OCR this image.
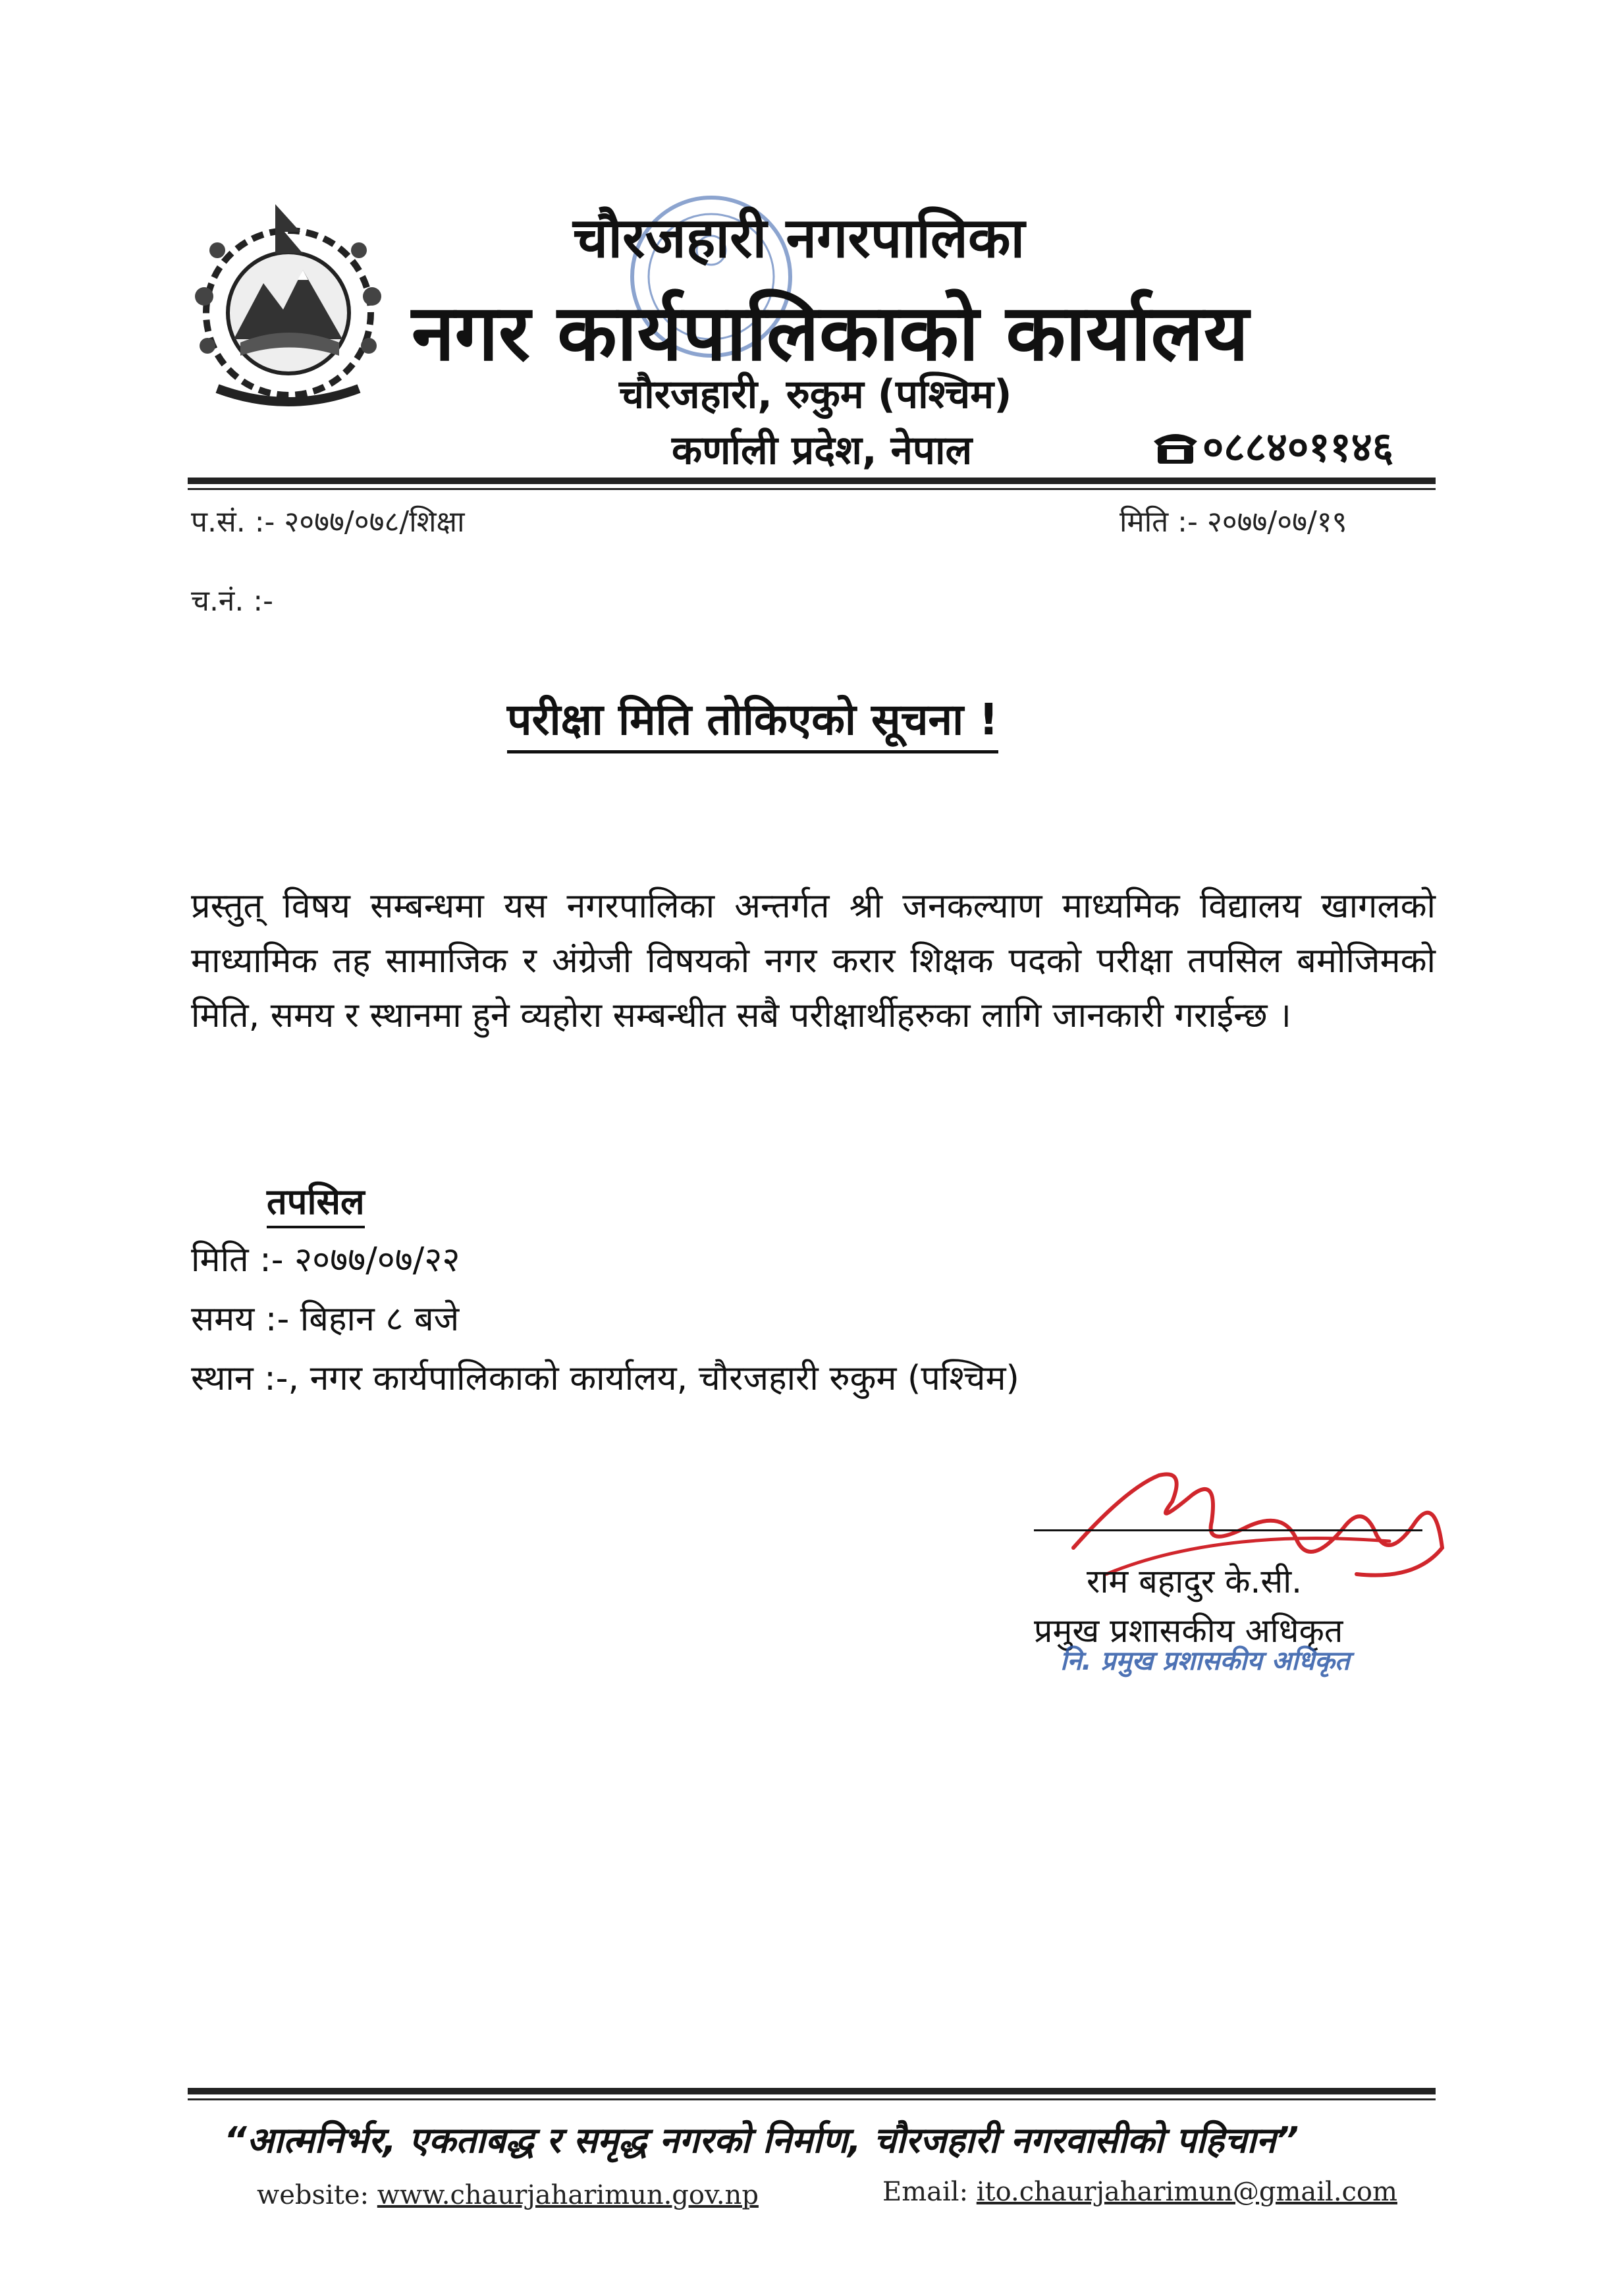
चौरजहारी नगरपालिका
नगर कार्यपालिकाको कार्यालय
चौरजहारी, रुकुम (पश्चिम)
कर्णाली प्रदेश, नेपाल	०८८४०११४६
प.सं. :- २०७७/०७८/शिक्षा	मिति :- २०७७/०७/१९
च.नं. :-
परीक्षा मिति तोकिएको सूचना !
प्रस्तुत् विषय सम्बन्धमा यस नगरपालिका अन्तर्गत श्री जनकल्याण माध्यमिक विद्यालय खागलको माध्यामिक तह सामाजिक र अंग्रेजी विषयको नगर करार शिक्षक पदको परीक्षा तपसिल बमोजिमको मिति, समय र स्थानमा हुने व्यहोरा सम्बन्धीत सबै परीक्षार्थीहरुका लागि जानकारी गराईन्छ ।
तपसिल
मिति :- २०७७/०७/२२
समय :- बिहान ८ बजे
स्थान :-, नगर कार्यपालिकाको कार्यालय, चौरजहारी रुकुम (पश्चिम)
राम बहादुर के.सी.
प्रमुख प्रशासकीय अधिकृत
नि. प्रमुख प्रशासकीय अधिकृत
“आत्मनिर्भर, एकताबद्ध र समृद्ध नगरको निर्माण, चौरजहारी नगरवासीको पहिचान”
website: www.chaurjaharimun.gov.np	Email: ito.chaurjaharimun@gmail.com
